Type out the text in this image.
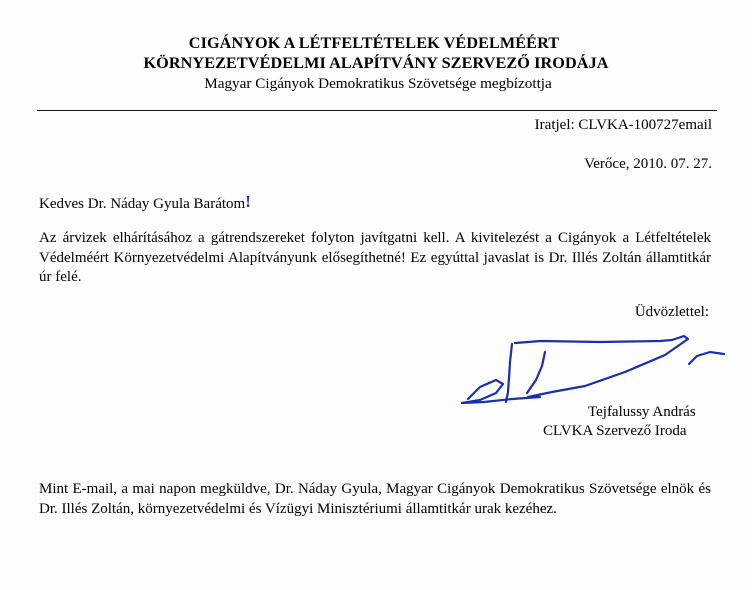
CIGÁNYOK A LÉTFELTÉTELEK VÉDELMÉÉRT
KÖRNYEZETVÉDELMI ALAPÍTVÁNY SZERVEZŐ IRODÁJA
Magyar Cigányok Demokratikus Szövetsége megbízottja
Iratjel: CLVKA-100727email
Verőce, 2010. 07. 27.
Kedves Dr. Náday Gyula Barátom!
Az árvizek elhárításához a gátrendszereket folyton javítgatni kell. A kivitelezést a Cigányok a Létfeltételek Védelméért Környezetvédelmi Alapítványunk elősegíthetné! Ez egyúttal javaslat is Dr. Illés Zoltán államtitkár úr felé.
Üdvözlettel:
Tejfalussy András
CLVKA Szervező Iroda
Mint E-mail, a mai napon megküldve, Dr. Náday Gyula, Magyar Cigányok Demokratikus Szövetsége elnök és Dr. Illés Zoltán, környezetvédelmi és Vízügyi Minisztériumi államtitkár urak kezéhez.
